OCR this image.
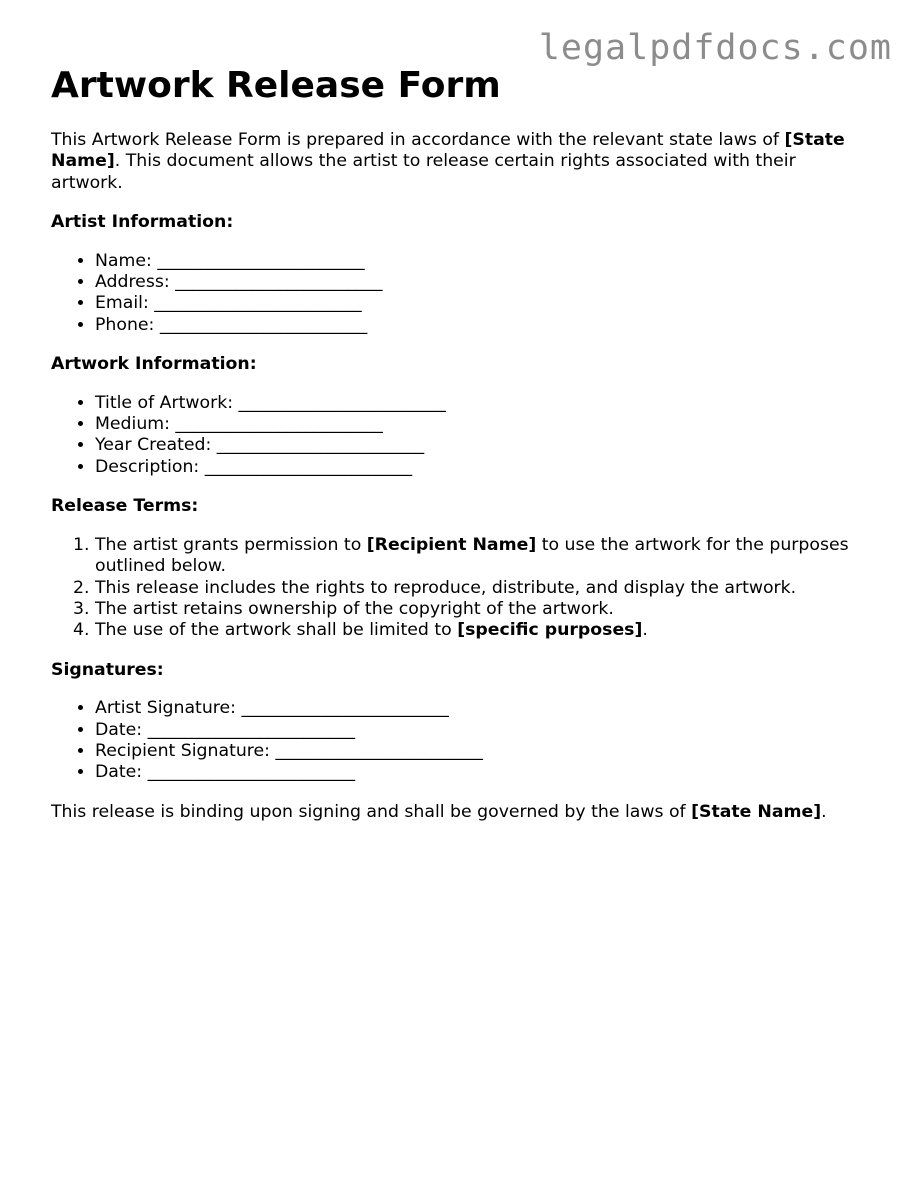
legalpdfdocs.com
Artwork Release Form

This Artwork Release Form is prepared in accordance with the relevant state laws of [State Name]. This document allows the artist to release certain rights associated with their artwork.

Artist Information:
• Name: ________________________
• Address: ________________________
• Email: ________________________
• Phone: ________________________
Artwork Information:
• Title of Artwork: ________________________
• Medium: ________________________
• Year Created: ________________________
• Description: ________________________
Release Terms:
1. The artist grants permission to [Recipient Name] to use the artwork for the purposes outlined below.
2. This release includes the rights to reproduce, distribute, and display the artwork.
3. The artist retains ownership of the copyright of the artwork.
4. The use of the artwork shall be limited to [specific purposes].
Signatures:
• Artist Signature: ________________________
• Date: ________________________
• Recipient Signature: ________________________
• Date: ________________________

This release is binding upon signing and shall be governed by the laws of [State Name].
